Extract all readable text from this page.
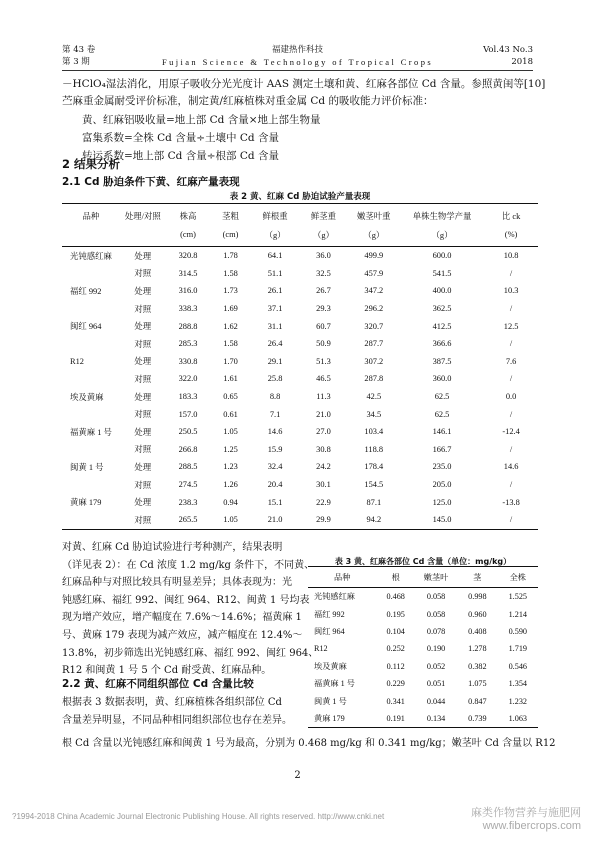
第 43 卷
第 3 期
福建热作科技
Fujian Science & Technology of Tropical Crops
Vol.43 No.3
2018
－HClO₄湿法消化，用原子吸收分光光度计 AAS 测定土壤和黄、红麻各部位 Cd 含量。参照黄闺等[10]
苎麻重金属耐受评价标准，制定黄/红麻植株对重金属 Cd 的吸收能力评价标准：
黄、红麻铝吸收量=地上部 Cd 含量×地上部生物量
富集系数=全株 Cd 含量÷土壤中 Cd 含量
转运系数=地上部 Cd 含量÷根部 Cd 含量
2 结果分析
2.1 Cd 胁迫条件下黄、红麻产量表现
表 2 黄、红麻 Cd 胁迫试验产量表现
品种	处理/对照	株高	茎粗	鲜根重	鲜茎重	嫩茎叶重	单株生物学产量	比 ck
		(cm)	(cm)	（g）	（g）	（g）	（g）	(%)
光钝感红麻	处理	320.8	1.78	64.1	36.0	499.9	600.0	10.8
	对照	314.5	1.58	51.1	32.5	457.9	541.5	/
福红 992	处理	316.0	1.73	26.1	26.7	347.2	400.0	10.3
	对照	338.3	1.69	37.1	29.3	296.2	362.5	/
闽红 964	处理	288.8	1.62	31.1	60.7	320.7	412.5	12.5
	对照	285.3	1.58	26.4	50.9	287.7	366.6	/
R12	处理	330.8	1.70	29.1	51.3	307.2	387.5	7.6
	对照	322.0	1.61	25.8	46.5	287.8	360.0	/
埃及黄麻	处理	183.3	0.65	8.8	11.3	42.5	62.5	0.0
	对照	157.0	0.61	7.1	21.0	34.5	62.5	/
福黄麻 1 号	处理	250.5	1.05	14.6	27.0	103.4	146.1	-12.4
	对照	266.8	1.25	15.9	30.8	118.8	166.7	/
闽黄 1 号	处理	288.5	1.23	32.4	24.2	178.4	235.0	14.6
	对照	274.5	1.26	20.4	30.1	154.5	205.0	/
黄麻 179	处理	238.3	0.94	15.1	22.9	87.1	125.0	-13.8
	对照	265.5	1.05	21.0	29.9	94.2	145.0	/
对黄、红麻 Cd 胁迫试验进行考种测产，结果表明
（详见表 2）：在 Cd 浓度 1.2 mg/kg 条件下，不同黄、
红麻品种与对照比较具有明显差异；具体表现为：光
钝感红麻、福红 992、闽红 964、R12、闽黄 1 号均表
现为增产效应，增产幅度在 7.6%～14.6%；福黄麻 1
号、黄麻 179 表现为减产效应，减产幅度在 12.4%～
13.8%，初步筛选出光钝感红麻、福红 992、闽红 964、
R12 和闽黄 1 号 5 个 Cd 耐受黄、红麻品种。
2.2 黄、红麻不同组织部位 Cd 含量比较
根据表 3 数据表明，黄、红麻植株各组织部位 Cd
含量差异明显，不同品种相同组织部位也存在差异。
根 Cd 含量以光钝感红麻和闽黄 1 号为最高，分别为 0.468 mg/kg 和 0.341 mg/kg；嫩茎叶 Cd 含量以 R12
表 3 黄、红麻各部位 Cd 含量（单位：mg/kg）
品种	根	嫩茎叶	茎	全株
光钝感红麻	0.468	0.058	0.998	1.525
福红 992	0.195	0.058	0.960	1.214
闽红 964	0.104	0.078	0.408	0.590
R12	0.252	0.190	1.278	1.719
埃及黄麻	0.112	0.052	0.382	0.546
福黄麻 1 号	0.229	0.051	1.075	1.354
闽黄 1 号	0.341	0.044	0.847	1.232
黄麻 179	0.191	0.134	0.739	1.063
2
?1994-2018 China Academic Journal Electronic Publishing House. All rights reserved. http://www.cnki.net	麻类作物营养与施肥网
www.fibercrops.com
